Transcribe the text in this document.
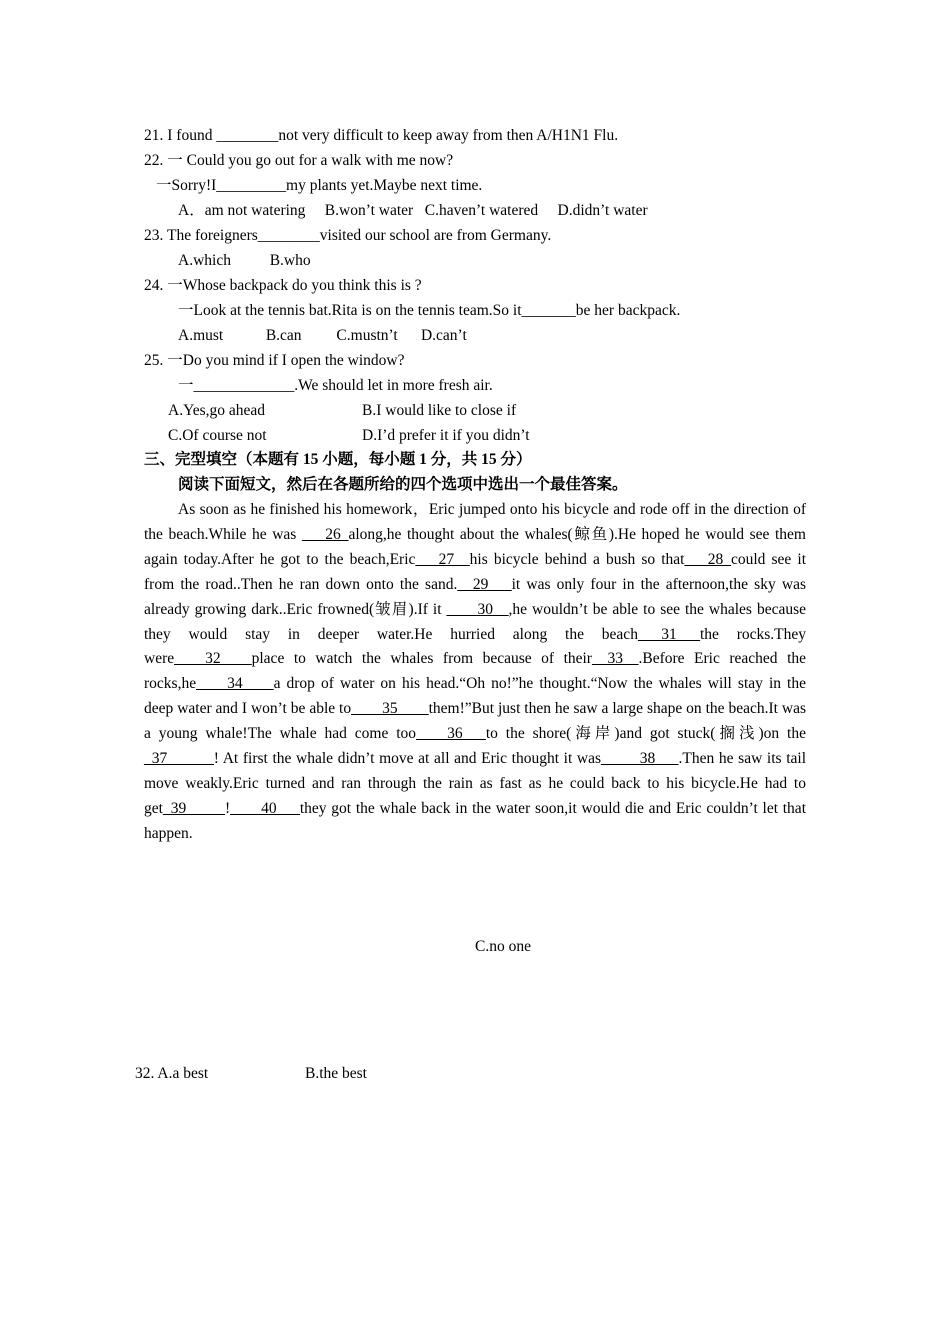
21. I found ________not very difficult to keep away from then A/H1N1 Flu.
22. 一 Could you go out for a walk with me now?
一Sorry!I_________my plants yet.Maybe next time.
A．am not watering     B.won’t water   C.haven’t watered     D.didn’t water
23. The foreigners________visited our school are from Germany.
A.which          B.who
24. 一Whose backpack do you think this is ?
一Look at the tennis bat.Rita is on the tennis team.So it_______be her backpack.
A.must           B.can         C.mustn’t      D.can’t
25. 一Do you mind if I open the window?
一_____________.We should let in more fresh air.
A.Yes,go ahead	B.I would like to close if
C.Of course not	D.I’d prefer it if you didn’t
三、完型填空（本题有 15 小题，每小题 1 分，共 15 分）
阅读下面短文，然后在各题所给的四个选项中选出一个最佳答案。
As soon as he finished his homework，Eric jumped onto his bicycle and rode off in the direction of the beach.While he was ___26_along,he thought about the whales(鲸鱼).He hoped he would see them again today.After he got to the beach,Eric___27__his bicycle behind a bush so that___28_could see it from the road..Then he ran down onto the sand.__29___it was only four in the afternoon,the sky was already growing dark..Eric frowned(皱眉).If it ____30__,he wouldn’t be able to see the whales because they would stay in deeper water.He hurried along the beach___31___the rocks.They were____32____place to watch the whales from because of their__33__.Before Eric reached the rocks,he____34____a drop of water on his head.“Oh no!”he thought.“Now the whales will stay in the deep water and I won’t be able to____35____them!”But just then he saw a large shape on the beach.It was a young whale!The whale had come too____36___to the shore(海岸)and got stuck(搁浅)on the _37______! At first the whale didn’t move at all and Eric thought it was_____38___.Then he saw its tail move weakly.Eric turned and ran through the rain as fast as he could back to his bicycle.He had to get_39_____!____40___they got the whale back in the water soon,it would die and Eric couldn’t let that happen.
C.no one
32. A.a best	B.the best
